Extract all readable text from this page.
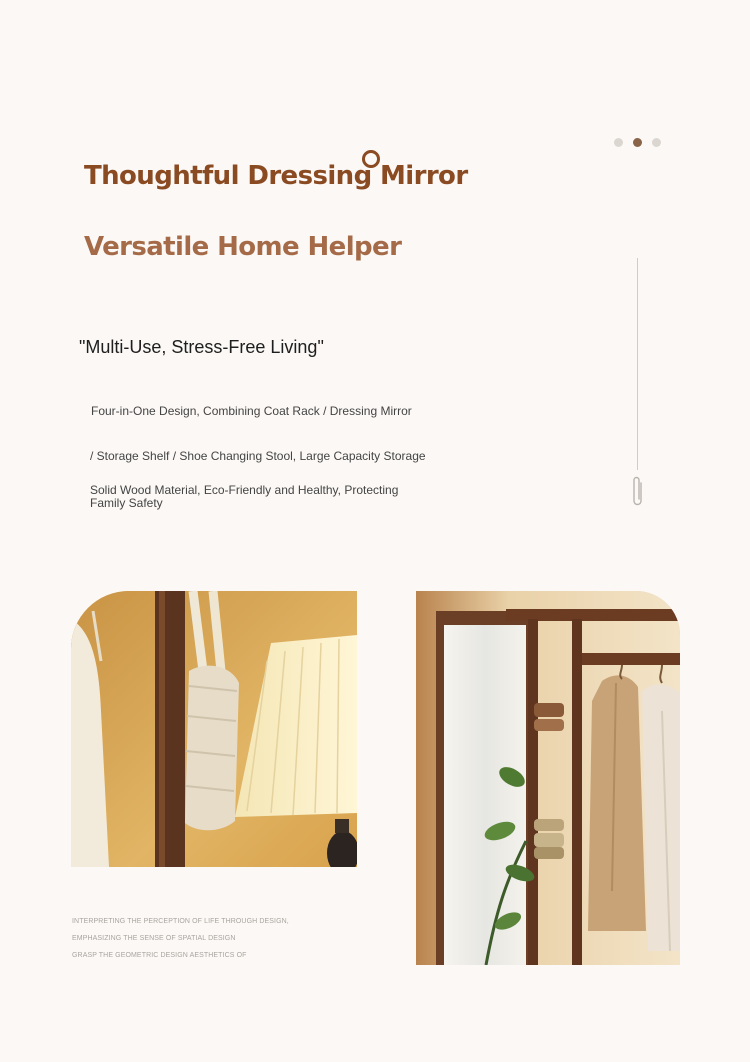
Thoughtful Dressing Mirror
Versatile Home Helper
"Multi-Use, Stress-Free Living"
Four-in-One Design, Combining Coat Rack / Dressing Mirror
/ Storage Shelf / Shoe Changing Stool, Large Capacity Storage
Solid Wood Material, Eco-Friendly and Healthy, Protecting Family Safety
INTERPRETING THE PERCEPTION OF LIFE THROUGH DESIGN,
EMPHASIZING THE SENSE OF SPATIAL DESIGN
GRASP THE GEOMETRIC DESIGN AESTHETICS OF
